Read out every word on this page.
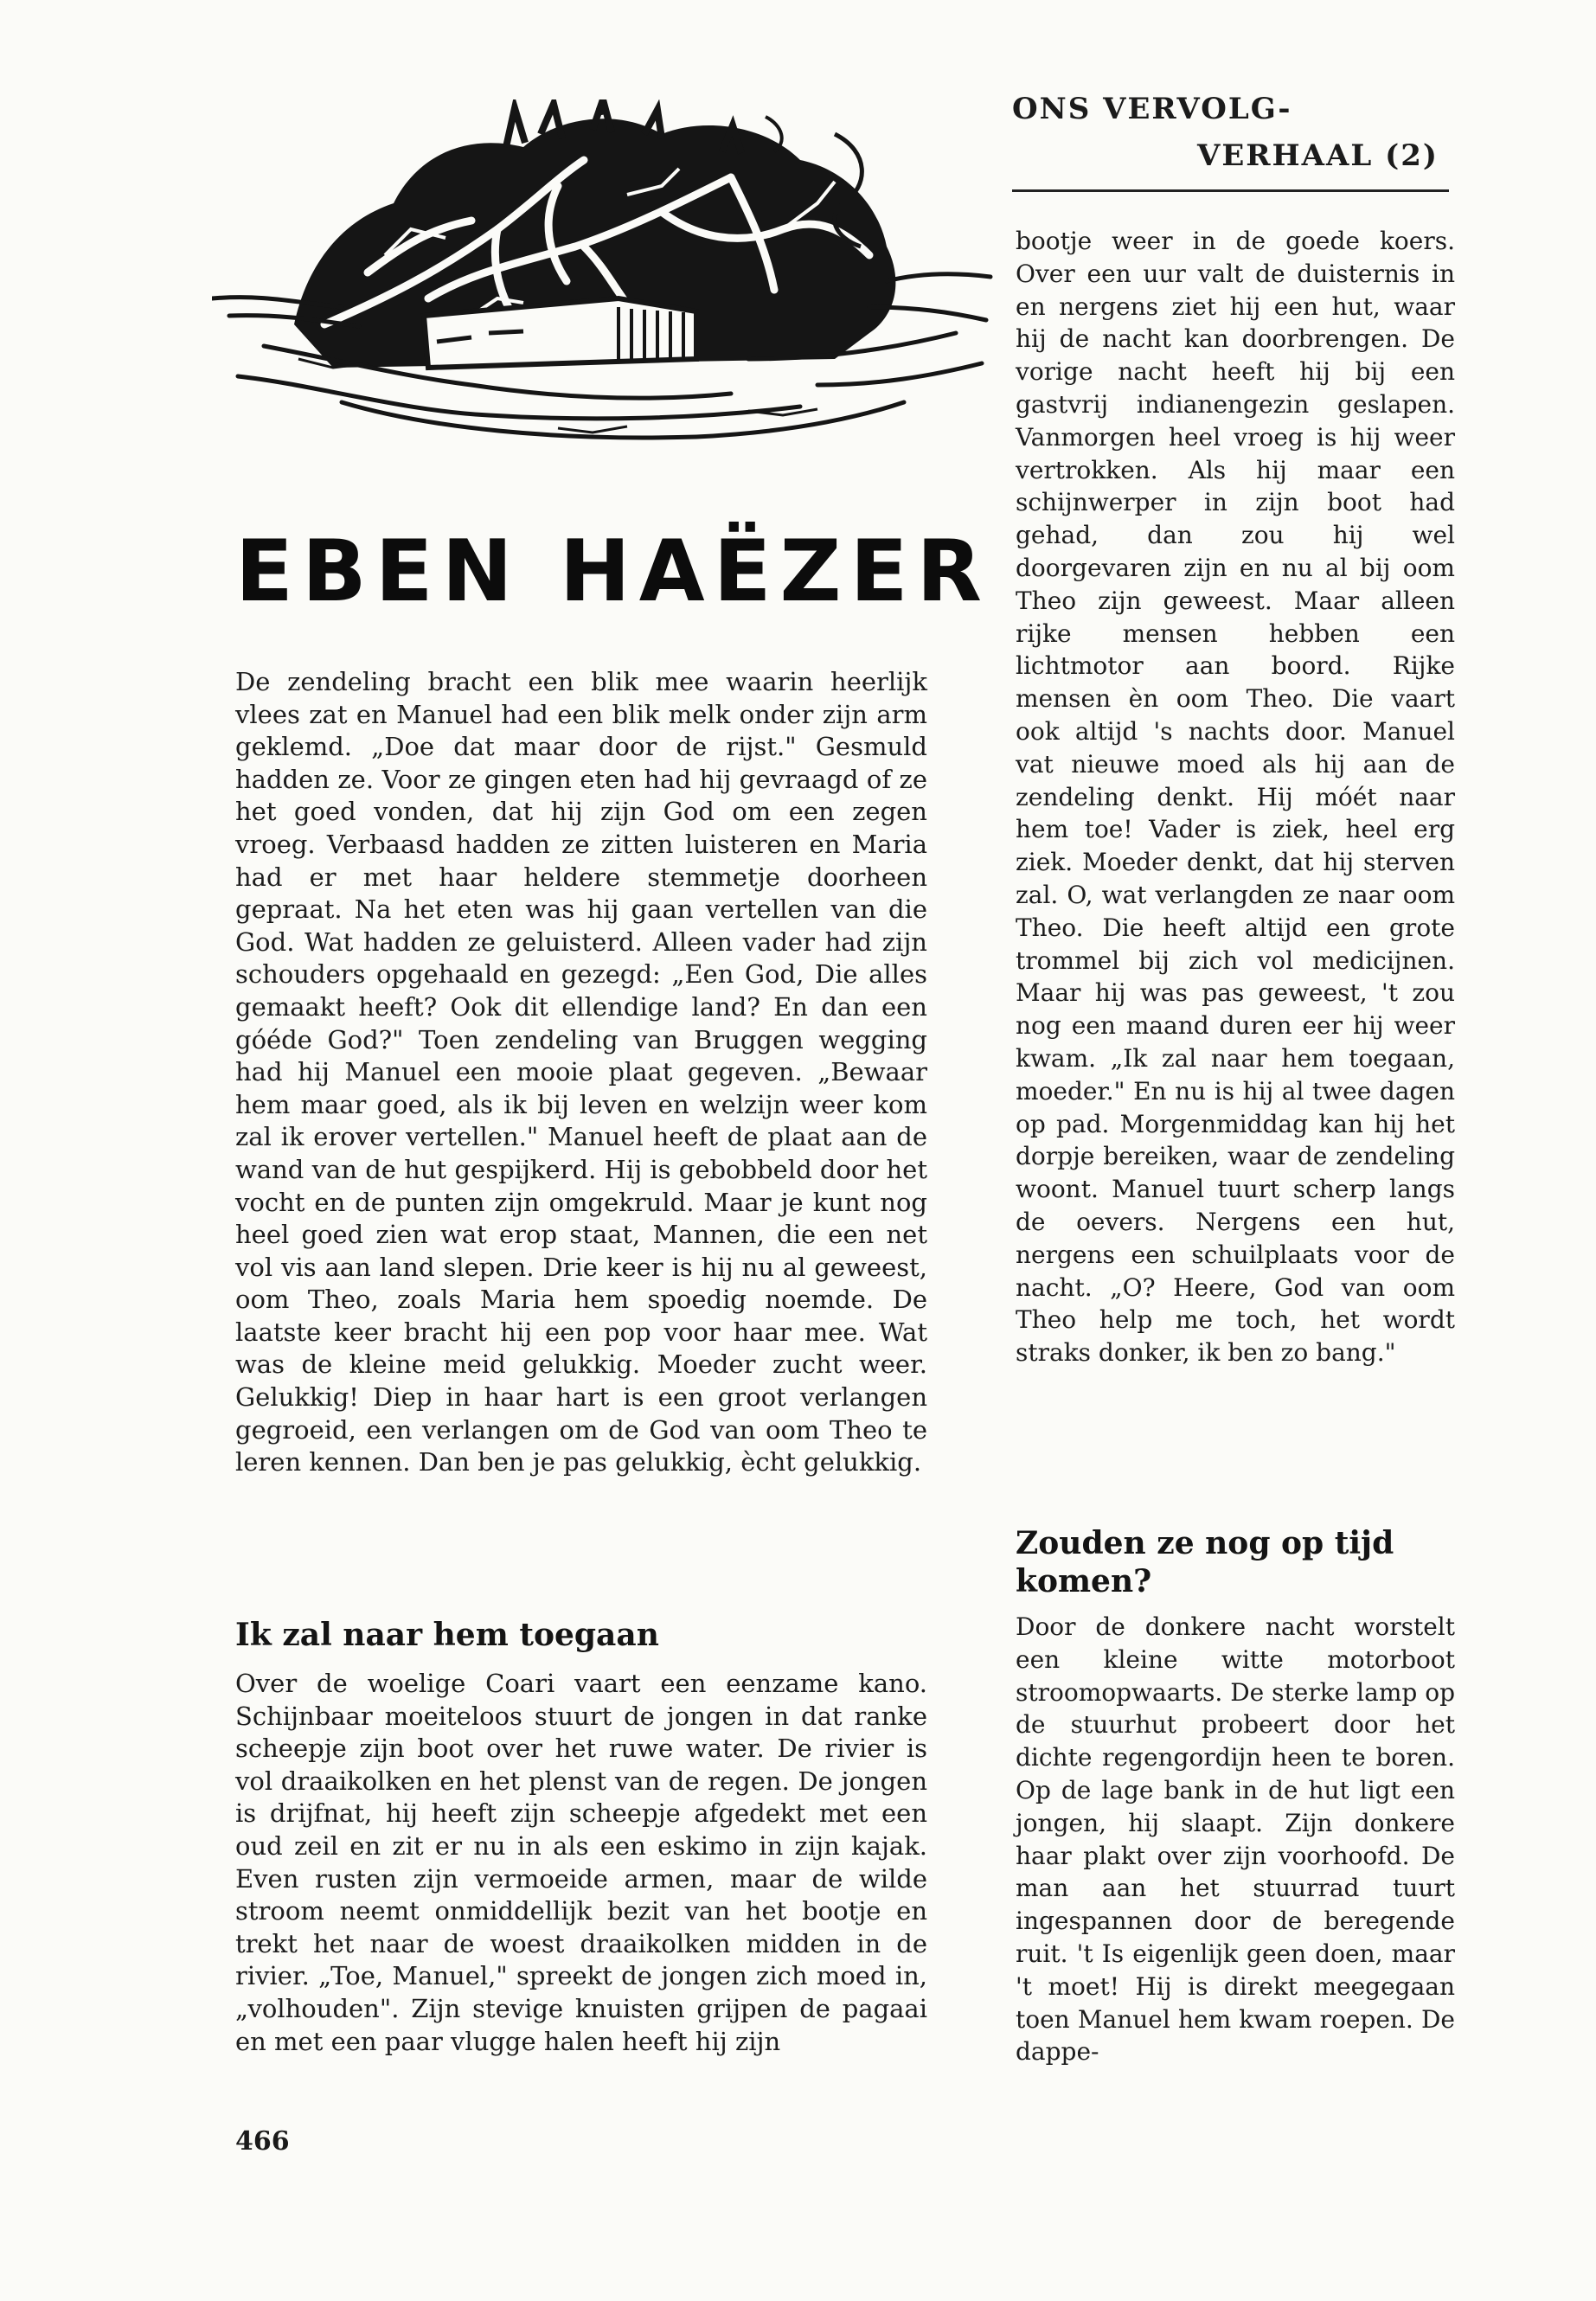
ONS VERVOLG-
VERHAAL (2)
EBEN HAËZER

De zendeling bracht een blik mee waarin heerlijk vlees zat en Manuel had een blik melk onder zijn arm geklemd. „Doe dat maar door de rijst." Gesmuld hadden ze. Voor ze gingen eten had hij gevraagd of ze het goed vonden, dat hij zijn God om een zegen vroeg. Verbaasd hadden ze zitten luisteren en Maria had er met haar heldere stemmetje doorheen gepraat. Na het eten was hij gaan vertellen van die God. Wat hadden ze geluisterd. Alleen vader had zijn schouders opgehaald en gezegd: „Een God, Die alles gemaakt heeft? Ook dit ellendige land? En dan een góéde God?" Toen zendeling van Bruggen wegging had hij Manuel een mooie plaat gegeven. „Bewaar hem maar goed, als ik bij leven en welzijn weer kom zal ik erover vertellen." Manuel heeft de plaat aan de wand van de hut gespijkerd. Hij is gebobbeld door het vocht en de punten zijn omgekruld. Maar je kunt nog heel goed zien wat erop staat, Mannen, die een net vol vis aan land slepen. Drie keer is hij nu al geweest, oom Theo, zoals Maria hem spoedig noemde. De laatste keer bracht hij een pop voor haar mee. Wat was de kleine meid gelukkig. Moeder zucht weer. Gelukkig! Diep in haar hart is een groot verlangen gegroeid, een verlangen om de God van oom Theo te leren kennen. Dan ben je pas gelukkig, ècht gelukkig.

Ik zal naar hem toegaan

Over de woelige Coari vaart een eenzame kano. Schijnbaar moeiteloos stuurt de jongen in dat ranke scheepje zijn boot over het ruwe water. De rivier is vol draaikolken en het plenst van de regen. De jongen is drijfnat, hij heeft zijn scheepje afgedekt met een oud zeil en zit er nu in als een eskimo in zijn kajak. Even rusten zijn vermoeide armen, maar de wilde stroom neemt onmiddellijk bezit van het bootje en trekt het naar de woest draaikolken midden in de rivier. „Toe, Manuel," spreekt de jongen zich moed in, „volhouden". Zijn stevige knuisten grijpen de pagaai en met een paar vlugge halen heeft hij zijn

bootje weer in de goede koers. Over een uur valt de duisternis in en nergens ziet hij een hut, waar hij de nacht kan doorbrengen. De vorige nacht heeft hij bij een gastvrij indianengezin geslapen. Vanmorgen heel vroeg is hij weer vertrokken. Als hij maar een schijnwerper in zijn boot had gehad, dan zou hij wel doorgevaren zijn en nu al bij oom Theo zijn geweest. Maar alleen rijke mensen hebben een lichtmotor aan boord. Rijke mensen èn oom Theo. Die vaart ook altijd 's nachts door. Manuel vat nieuwe moed als hij aan de zendeling denkt. Hij móét naar hem toe! Vader is ziek, heel erg ziek. Moeder denkt, dat hij sterven zal. O, wat verlangden ze naar oom Theo. Die heeft altijd een grote trommel bij zich vol medicijnen. Maar hij was pas geweest, 't zou nog een maand duren eer hij weer kwam. „Ik zal naar hem toegaan, moeder." En nu is hij al twee dagen op pad. Morgenmiddag kan hij het dorpje bereiken, waar de zendeling woont. Manuel tuurt scherp langs de oevers. Nergens een hut, nergens een schuilplaats voor de nacht. „O? Heere, God van oom Theo help me toch, het wordt straks donker, ik ben zo bang."

Zouden ze nog op tijd komen?

Door de donkere nacht worstelt een kleine witte motorboot stroomopwaarts. De sterke lamp op de stuurhut probeert door het dichte regengordijn heen te boren. Op de lage bank in de hut ligt een jongen, hij slaapt. Zijn donkere haar plakt over zijn voorhoofd. De man aan het stuurrad tuurt ingespannen door de beregende ruit. 't Is eigenlijk geen doen, maar 't moet! Hij is direkt meegegaan toen Manuel hem kwam roepen. De dappe-

466
